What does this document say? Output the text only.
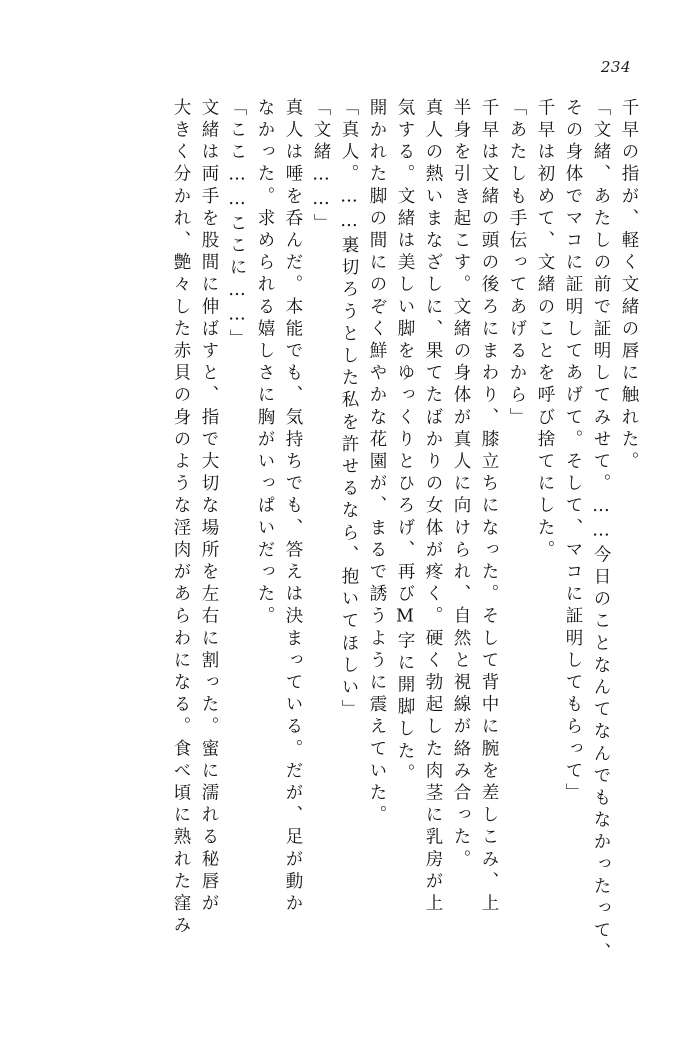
234
千早の指が、軽く文緒の唇に触れた。
「文緒、あたしの前で証明してみせて。……今日のことなんてなんでもなかったって、
その身体でマコに証明してあげて。そして、マコに証明してもらって」
千早は初めて、文緒のことを呼び捨てにした。
「あたしも手伝ってあげるから」
千早は文緒の頭の後ろにまわり、膝立ちになった。そして背中に腕を差しこみ、上
半身を引き起こす。文緒の身体が真人に向けられ、自然と視線が絡み合った。
真人の熱いまなざしに、果てたばかりの女体が疼く。硬く勃起した肉茎に乳房が上
気する。文緒は美しい脚をゆっくりとひろげ、再びM字に開脚した。
開かれた脚の間にのぞく鮮やかな花園が、まるで誘うように震えていた。
「真人。……裏切ろうとした私を許せるなら、抱いてほしい」
「文緒……」
真人は唾を呑んだ。本能でも、気持ちでも、答えは決まっている。だが、足が動か
なかった。求められる嬉しさに胸がいっぱいだった。
「ここ……ここに……」
文緒は両手を股間に伸ばすと、指で大切な場所を左右に割った。蜜に濡れる秘唇が
大きく分かれ、艶々した赤貝の身のような淫肉があらわになる。食べ頃に熟れた窪み
